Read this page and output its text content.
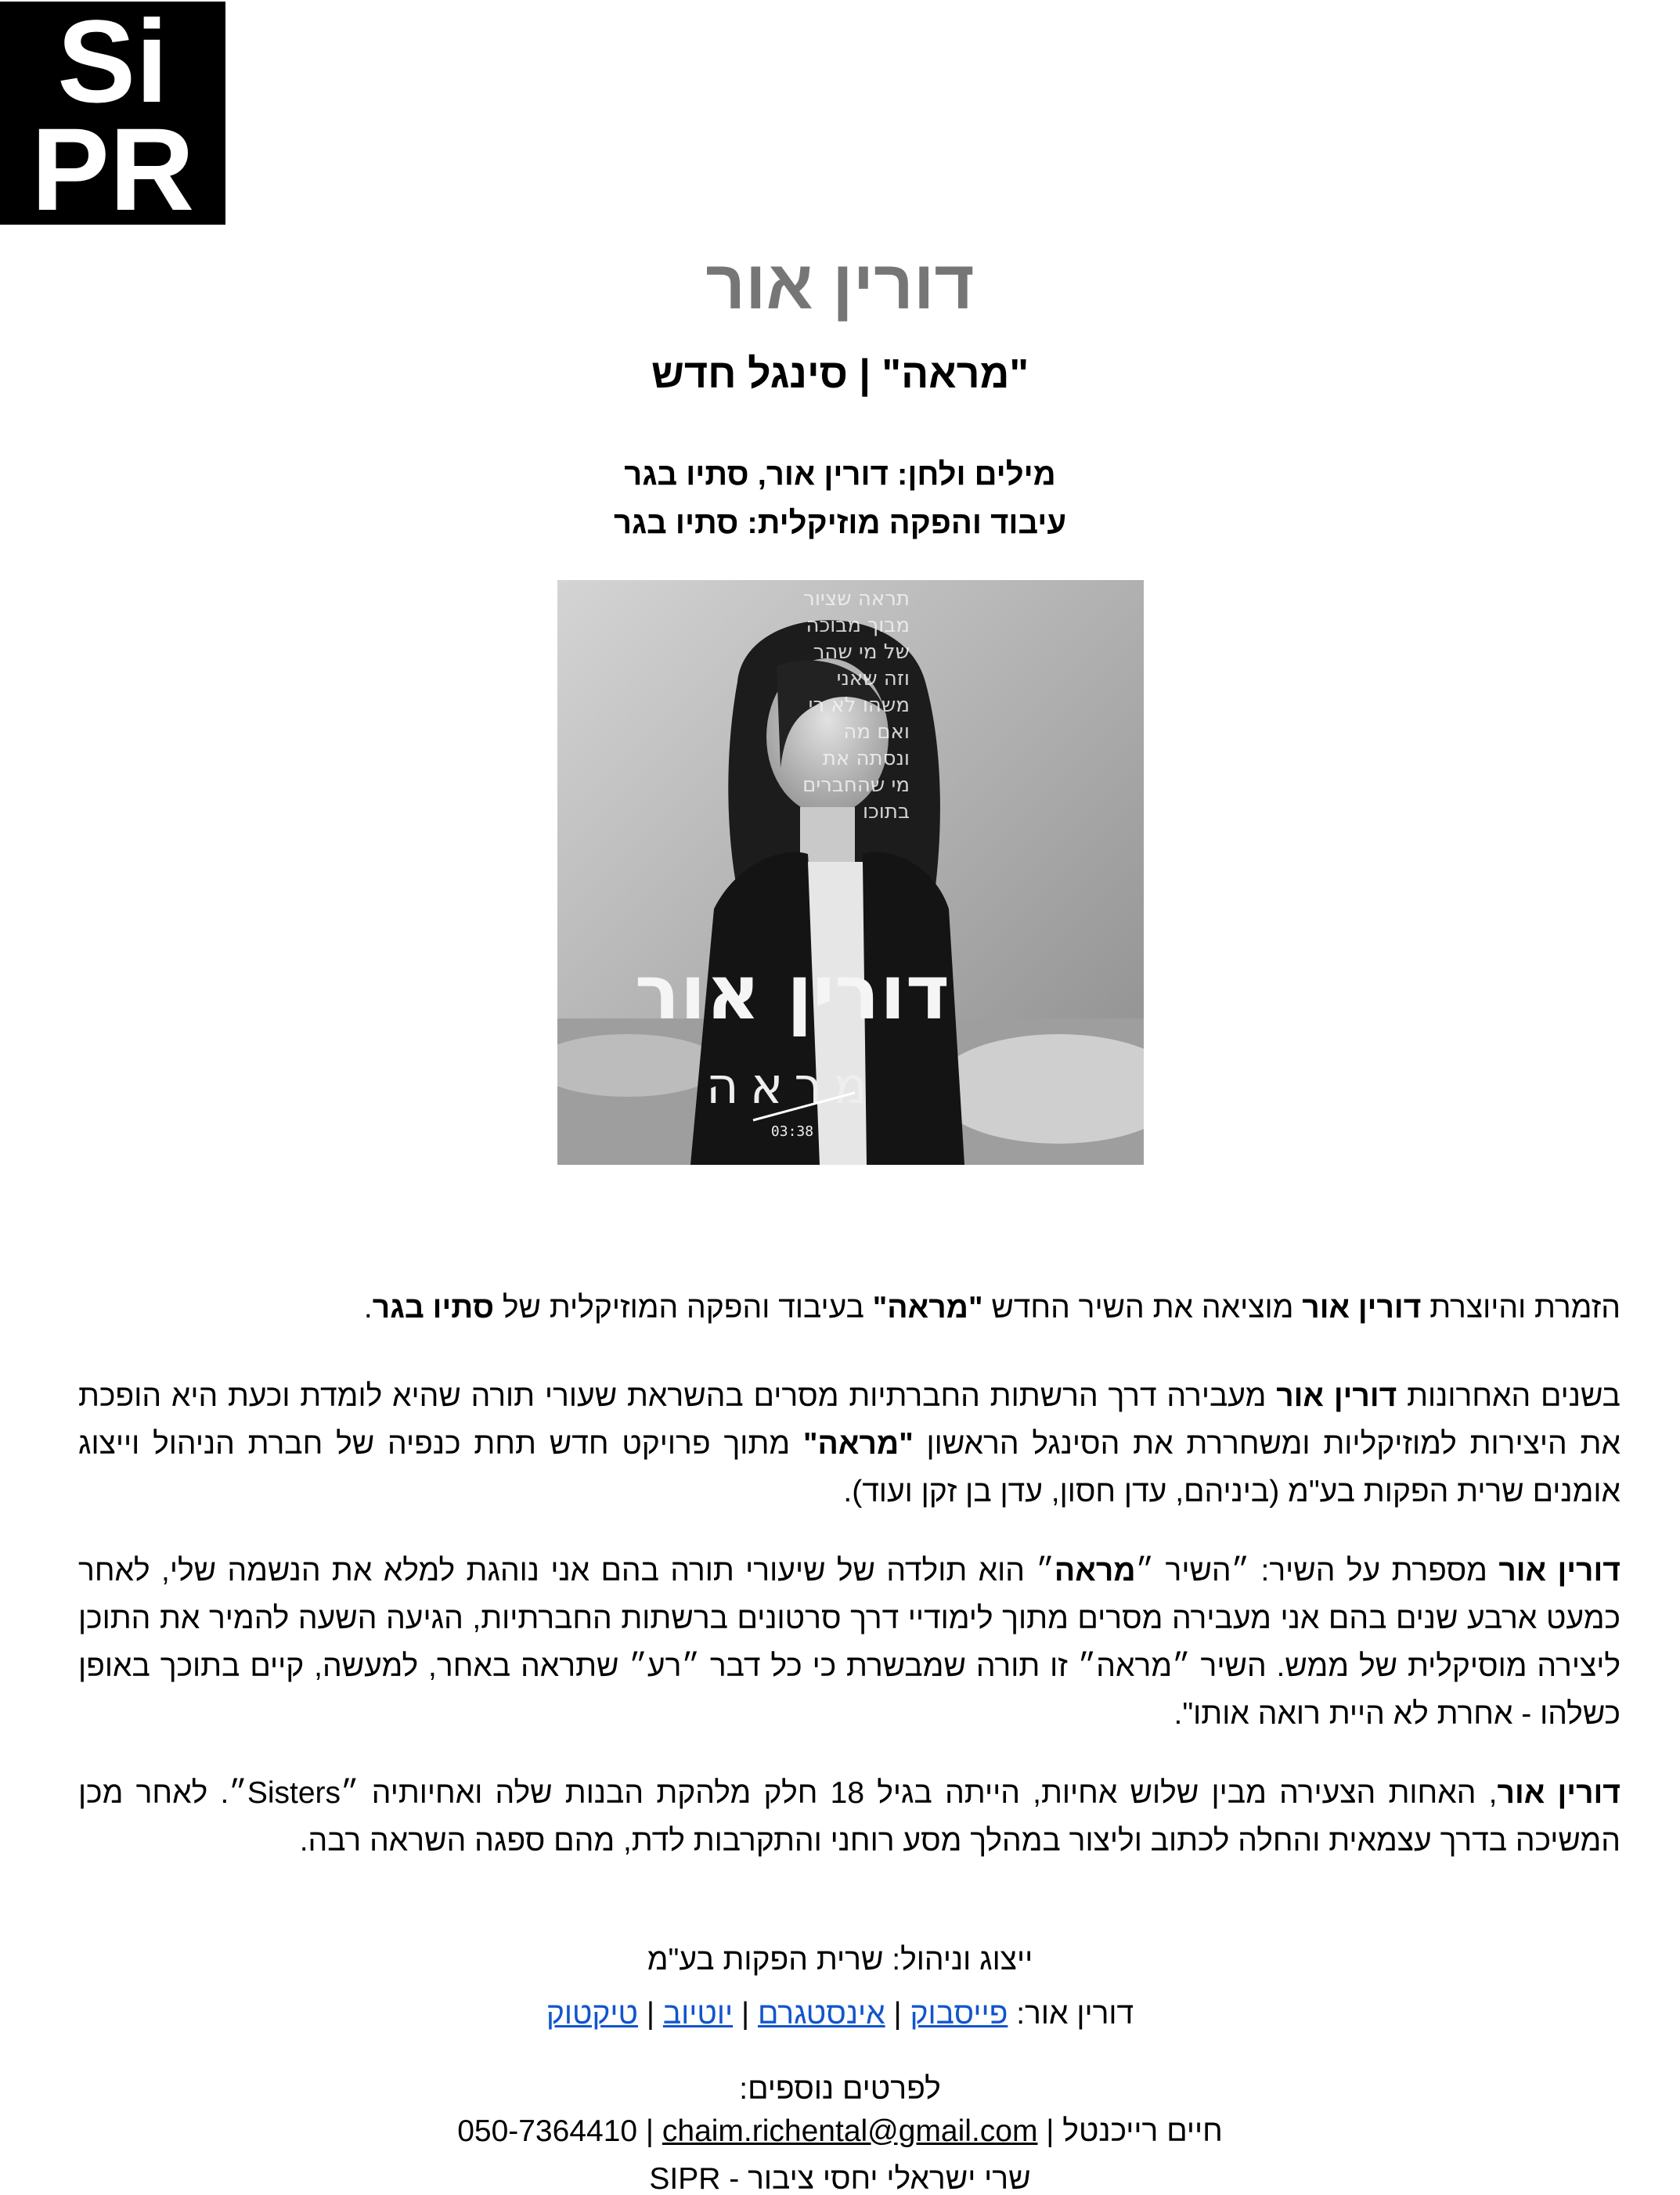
Si
PR
דורין אור
"מראה" | סינגל חדש
מילים ולחן: דורין אור, סתיו בגר
עיבוד והפקה מוזיקלית: סתיו בגר
תראה שציור
מבוך מבוכה
של מי שהר
וזה שאני
משהו לא רי
ואם מה
ונסתה את
מי שהחברים
בתוכו
דורין אור
מראה
03:38

הזמרת והיוצרת דורין אור מוציאה את השיר החדש "מראה" בעיבוד והפקה המוזיקלית של סתיו בגר.

בשנים האחרונות דורין אור מעבירה דרך הרשתות החברתיות מסרים בהשראת שעורי תורה שהיא לומדת וכעת היא הופכת את היצירות למוזיקליות ומשחררת את הסינגל הראשון "מראה" מתוך פרויקט חדש תחת כנפיה של חברת הניהול וייצוג אומנים שרית הפקות בע"מ (ביניהם, עדן חסון, עדן בן זקן ועוד).

דורין אור מספרת על השיר: ״השיר ״מראה״ הוא תולדה של שיעורי תורה בהם אני נוהגת למלא את הנשמה שלי, לאחר כמעט ארבע שנים בהם אני מעבירה מסרים מתוך לימודיי דרך סרטונים ברשתות החברתיות, הגיעה השעה להמיר את התוכן ליצירה מוסיקלית של ממש. השיר ״מראה״ זו תורה שמבשרת כי כל דבר ״רע״ שתראה באחר, למעשה, קיים בתוכך באופן כשלהו - אחרת לא היית רואה אותו".

דורין אור, האחות הצעירה מבין שלוש אחיות, הייתה בגיל 18 חלק מלהקת הבנות שלה ואחיותיה ״Sisters״. לאחר מכן המשיכה בדרך עצמאית והחלה לכתוב וליצור במהלך מסע רוחני והתקרבות לדת, מהם ספגה השראה רבה.

ייצוג וניהול: שרית הפקות בע"מ
דורין אור: פייסבוק | אינסטגרם | יוטיוב | טיקטוק
לפרטים נוספים:
חיים רייכנטל | chaim.richental@gmail.com | 050-7364410
שרי ישראלי יחסי ציבור - SIPR
